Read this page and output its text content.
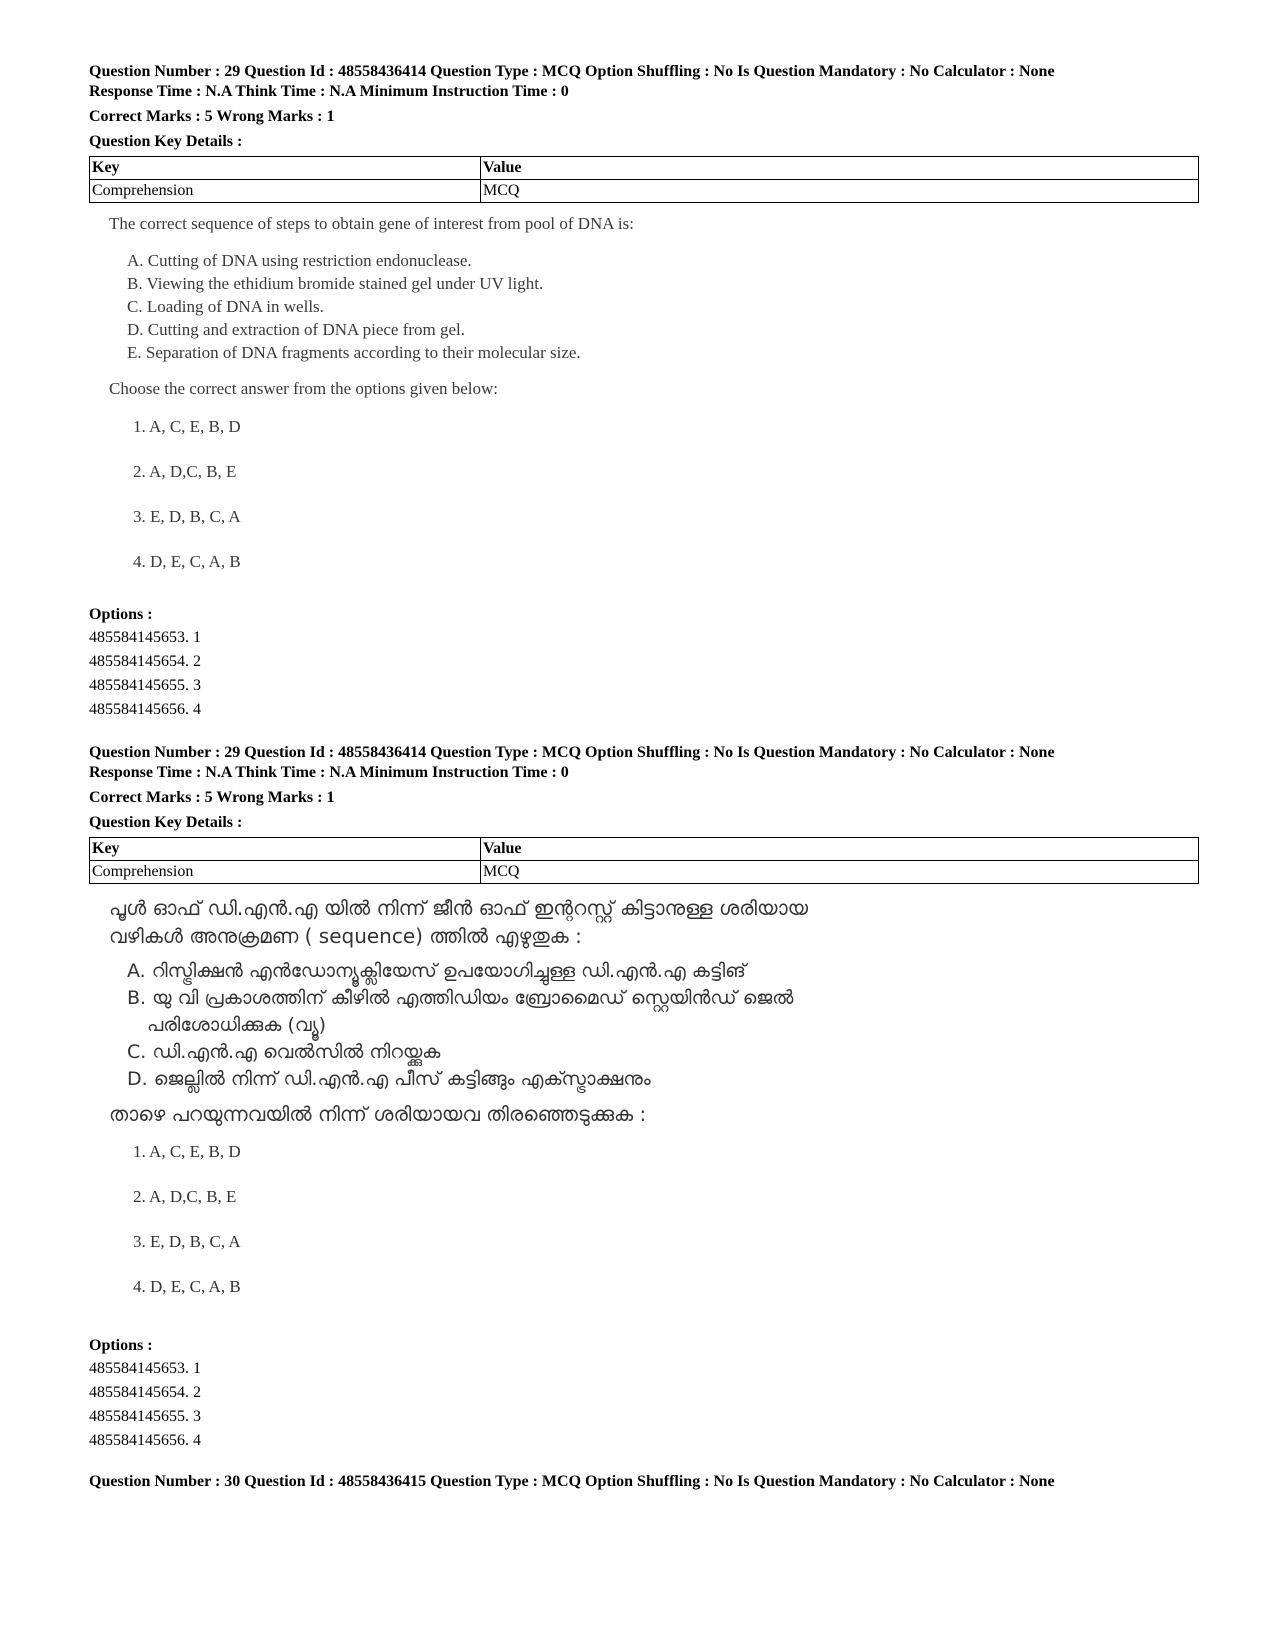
Question Number : 29 Question Id : 48558436414 Question Type : MCQ Option Shuffling : No Is Question Mandatory : No Calculator : None

Response Time : N.A Think Time : N.A Minimum Instruction Time : 0

Correct Marks : 5 Wrong Marks : 1

Question Key Details :

Key	Value
Comprehension	MCQ
The correct sequence of steps to obtain gene of interest from pool of DNA is:
A. Cutting of DNA using restriction endonuclease.
B. Viewing the ethidium bromide stained gel under UV light.
C. Loading of DNA in wells.
D. Cutting and extraction of DNA piece from gel.
E. Separation of DNA fragments according to their molecular size.
Choose the correct answer from the options given below:
1. A, C, E, B, D
2. A, D,C, B, E
3. E, D, B, C, A
4. D, E, C, A, B
Options :
485584145653. 1
485584145654. 2
485584145655. 3
485584145656. 4

Question Number : 29 Question Id : 48558436414 Question Type : MCQ Option Shuffling : No Is Question Mandatory : No Calculator : None

Response Time : N.A Think Time : N.A Minimum Instruction Time : 0

Correct Marks : 5 Wrong Marks : 1

Question Key Details :

Key	Value
Comprehension	MCQ
പൂൾ ഓഫ് ഡി.എൻ.എ യിൽ നിന്ന് ജീൻ ഓഫ് ഇന്ററസ്റ്റ് കിട്ടാനുള്ള ശരിയായ
വഴികൾ അനുക്രമണ ( sequence) ത്തിൽ എഴുതുക :
A. റിസ്ട്രിക്ഷൻ എൻഡോന്യൂക്ലിയേസ് ഉപയോഗിച്ചുള്ള ഡി.എൻ.എ കട്ടിങ്
B. യു വി പ്രകാശത്തിന് കീഴിൽ എത്തിഡിയം ബ്രോമൈഡ് സ്റ്റെയിൻഡ് ജെൽ
പരിശോധിക്കുക (വ്യൂ)
C. ഡി.എൻ.എ വെൽസിൽ നിറയ്ക്കുക
D. ജെല്ലിൽ നിന്ന് ഡി.എൻ.എ പീസ് കട്ടിങ്ങും എക്സ്ട്രാക്ഷനും
താഴെ പറയുന്നവയിൽ നിന്ന് ശരിയായവ തിരഞ്ഞെടുക്കുക :
1. A, C, E, B, D
2. A, D,C, B, E
3. E, D, B, C, A
4. D, E, C, A, B
Options :
485584145653. 1
485584145654. 2
485584145655. 3
485584145656. 4

Question Number : 30 Question Id : 48558436415 Question Type : MCQ Option Shuffling : No Is Question Mandatory : No Calculator : None
